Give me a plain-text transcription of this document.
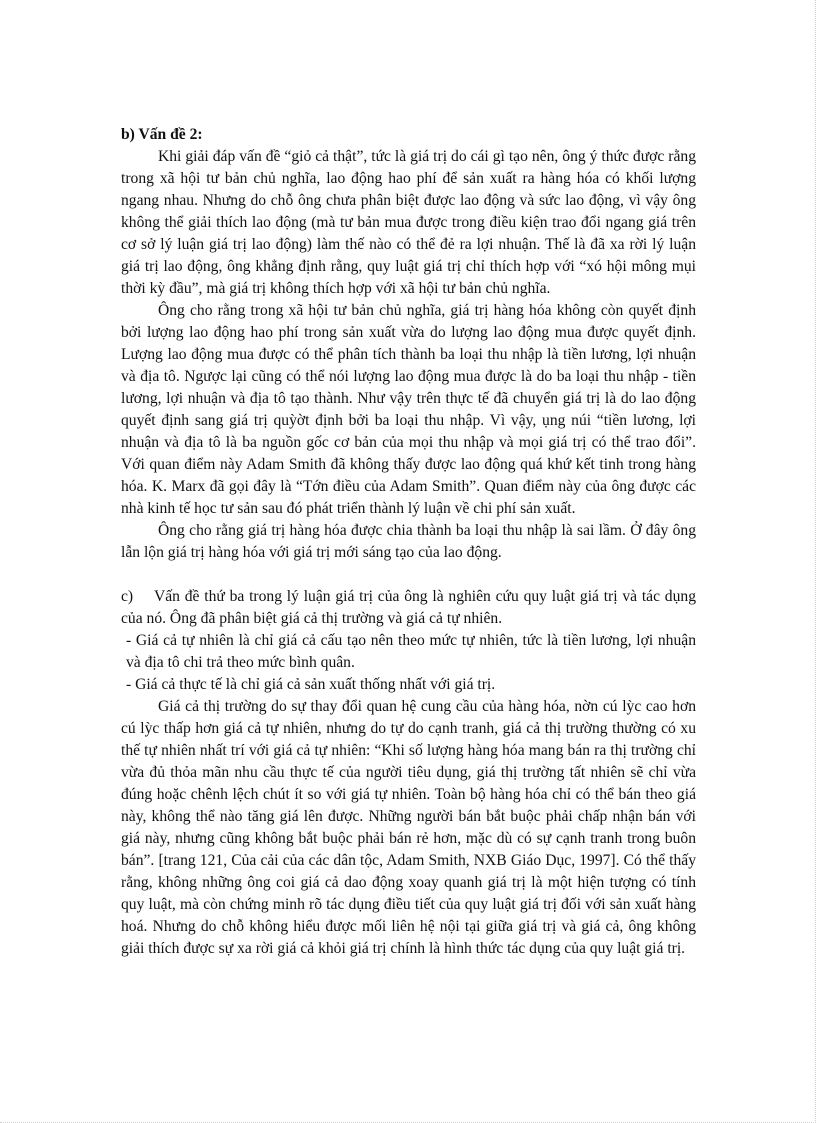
b) Vấn đề 2:

Khi giải đáp vấn đề “giỏ cả thật”, tức là giá trị do cái gì tạo nên, ông ý thức được rằng trong xã hội tư bản chủ nghĩa, lao động hao phí để sản xuất ra hàng hóa có khối lượng ngang nhau. Nhưng do chỗ ông chưa phân biệt được lao động và sức lao động, vì vậy ông không thể giải thích lao động (mà tư bản mua được trong điều kiện trao đổi ngang giá trên cơ sở lý luận giá trị lao động) làm thế nào có thể đẻ ra lợi nhuận. Thế là đã xa rời lý luận giá trị lao động, ông khẳng định rằng, quy luật giá trị chỉ thích hợp với “xó hội mông mụi thời kỳ đầu”, mà giá trị không thích hợp với xã hội tư bản chủ nghĩa.

Ông cho rằng trong xã hội tư bản chủ nghĩa, giá trị hàng hóa không còn quyết định bởi lượng lao động hao phí trong sản xuất vừa do lượng lao động mua được quyết định. Lượng lao động mua được có thể phân tích thành ba loại thu nhập là tiền lương, lợi nhuận và địa tô. Ngược lại cũng có thể nói lượng lao động mua được là do ba loại thu nhập - tiền lương, lợi nhuận và địa tô tạo thành. Như vậy trên thực tế đã chuyển giá trị là do lao động quyết định sang giá trị quỳờt định bởi ba loại thu nhập. Vì vậy, ụng núi “tiền lương, lợi nhuận và địa tô là ba nguồn gốc cơ bản của mọi thu nhập và mọi giá trị có thể trao đổi”. Với quan điểm này Adam Smith đã không thấy được lao động quá khứ kết tinh trong hàng hóa. K. Marx đã gọi đây là “Tớn điều của Adam Smith”. Quan điểm này của ông được các nhà kinh tế học tư sản sau đó phát triển thành lý luận về chi phí sản xuất.

Ông cho rằng giá trị hàng hóa được chia thành ba loại thu nhập là sai lầm. Ở đây ông lẫn lộn giá trị hàng hóa với giá trị mới sáng tạo của lao động.

c) Vấn đề thứ ba trong lý luận giá trị của ông là nghiên cứu quy luật giá trị và tác dụng của nó. Ông đã phân biệt giá cả thị trường và giá cả tự nhiên.

- Giá cả tự nhiên là chỉ giá cả cấu tạo nên theo mức tự nhiên, tức là tiền lương, lợi nhuận và địa tô chi trả theo mức bình quân.

- Giá cả thực tế là chỉ giá cả sản xuất thống nhất với giá trị.

Giá cả thị trường do sự thay đổi quan hệ cung cầu của hàng hóa, nờn cú lỳc cao hơn cú lỳc thấp hơn giá cả tự nhiên, nhưng do tự do cạnh tranh, giá cả thị trường thường có xu thế tự nhiên nhất trí với giá cả tự nhiên: “Khi số lượng hàng hóa mang bán ra thị trường chỉ vừa đủ thỏa mãn nhu cầu thực tế của người tiêu dụng, giá thị trường tất nhiên sẽ chỉ vừa đúng hoặc chênh lệch chút ít so với giá tự nhiên. Toàn bộ hàng hóa chỉ có thể bán theo giá này, không thể nào tăng giá lên được. Những người bán bắt buộc phải chấp nhận bán với giá này, nhưng cũng không bắt buộc phải bán rẻ hơn, mặc dù có sự cạnh tranh trong buôn bán”. [trang 121, Của cải của các dân tộc, Adam Smith, NXB Giáo Dục, 1997]. Có thể thấy rằng, không những ông coi giá cả dao động xoay quanh giá trị là một hiện tượng có tính quy luật, mà còn chứng minh rõ tác dụng điều tiết của quy luật giá trị đối với sản xuất hàng hoá. Nhưng do chỗ không hiểu được mối liên hệ nội tại giữa giá trị và giá cả, ông không giải thích được sự xa rời giá cả khỏi giá trị chính là hình thức tác dụng của quy luật giá trị.
